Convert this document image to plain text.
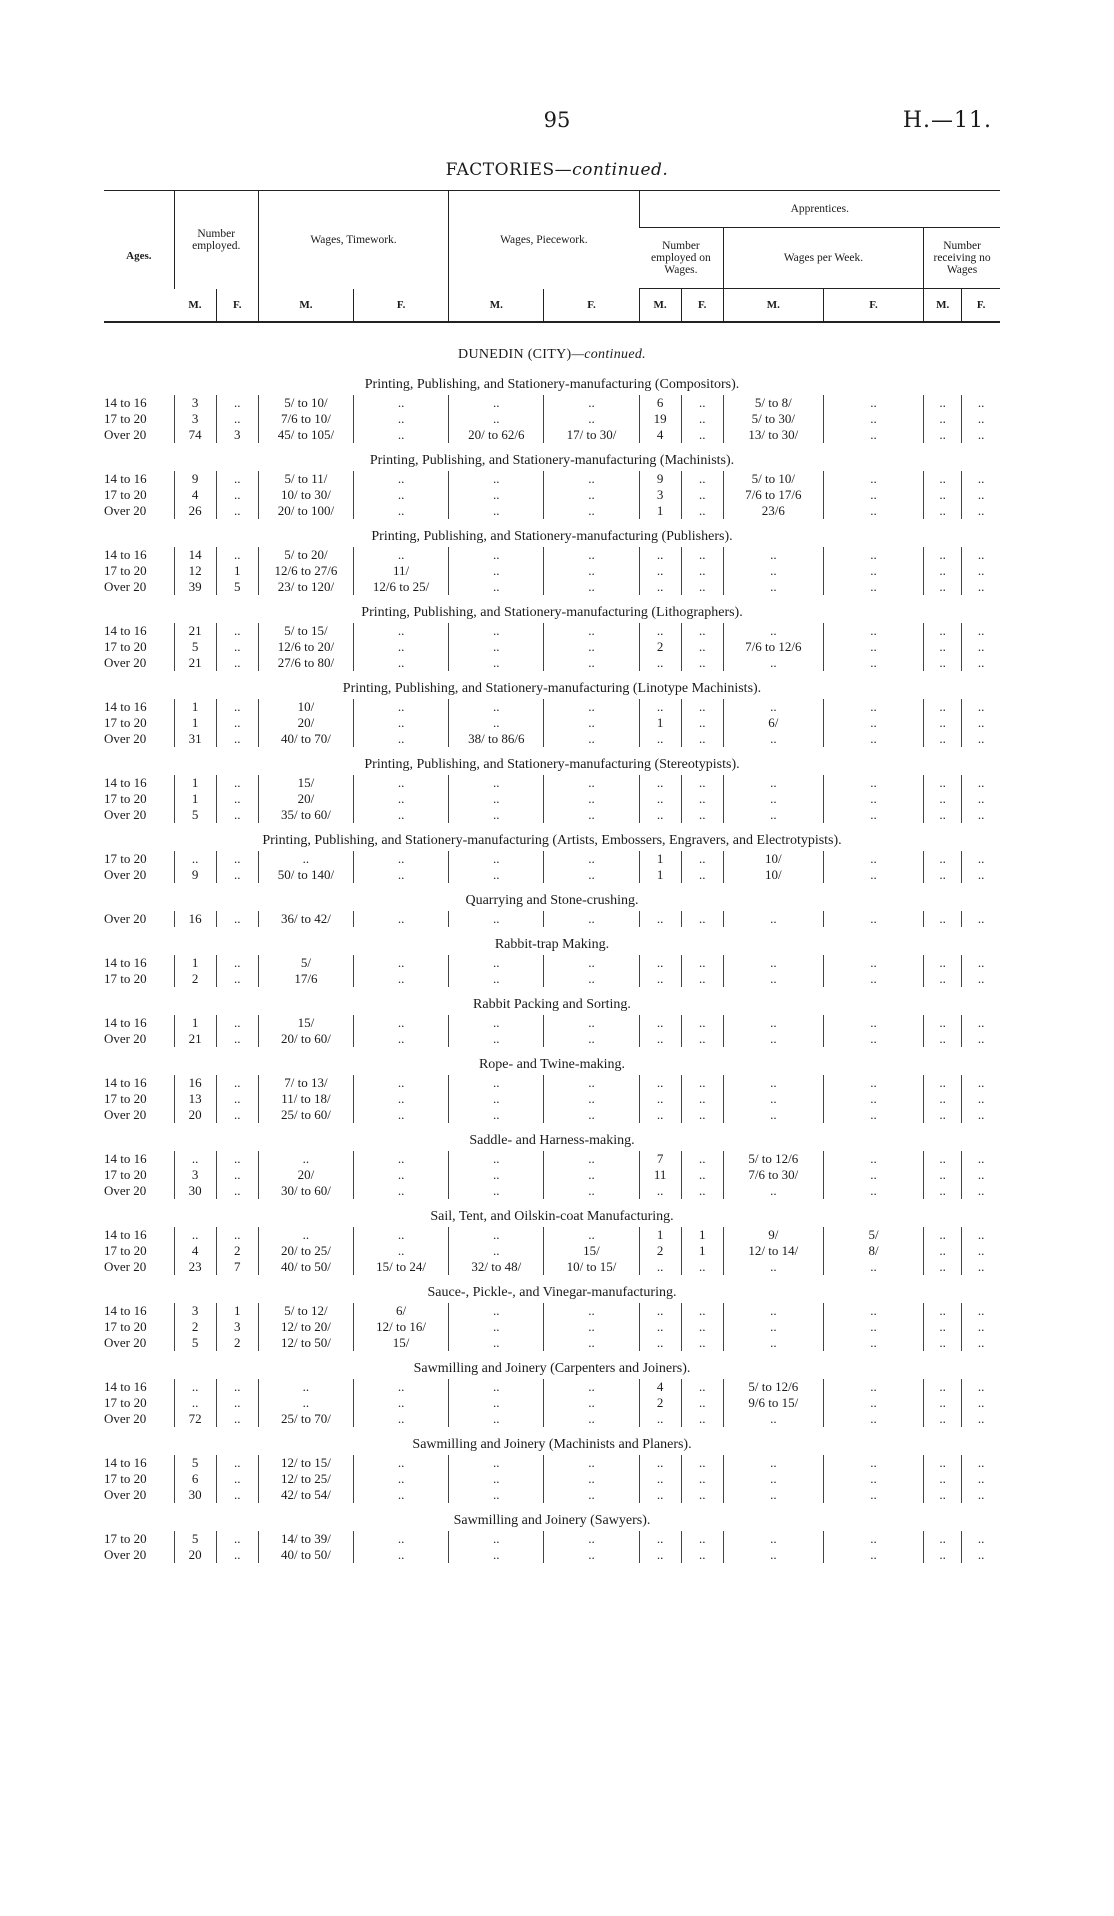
95	H.—11.
FACTORIES—continued.
Ages.	Number employed.		Wages, Timework.		Wages, Piecework.		Apprentices.					
							Number employed on Wages.		Wages per Week.		Number receiving no Wages	
	M.	F.	M.	F.	M.	F.	M.	F.	M.	F.	M.	F.
DUNEDIN (CITY)—continued.												
Printing, Publishing, and Stationery-manufacturing (Compositors).												
14 to 16	3	..	5/ to 10/	..	..	..	6	..	5/ to 8/	..	..	..
17 to 20	3	..	7/6 to 10/	..	..	..	19	..	5/ to 30/	..	..	..
Over 20	74	3	45/ to 105/	..	20/ to 62/6	17/ to 30/	4	..	13/ to 30/	..	..	..
Printing, Publishing, and Stationery-manufacturing (Machinists).												
14 to 16	9	..	5/ to 11/	..	..	..	9	..	5/ to 10/	..	..	..
17 to 20	4	..	10/ to 30/	..	..	..	3	..	7/6 to 17/6	..	..	..
Over 20	26	..	20/ to 100/	..	..	..	1	..	23/6	..	..	..
Printing, Publishing, and Stationery-manufacturing (Publishers).												
14 to 16	14	..	5/ to 20/	..	..	..	..	..	..	..	..	..
17 to 20	12	1	12/6 to 27/6	11/	..	..	..	..	..	..	..	..
Over 20	39	5	23/ to 120/	12/6 to 25/	..	..	..	..	..	..	..	..
Printing, Publishing, and Stationery-manufacturing (Lithographers).												
14 to 16	21	..	5/ to 15/	..	..	..	..	..	..	..	..	..
17 to 20	5	..	12/6 to 20/	..	..	..	2	..	7/6 to 12/6	..	..	..
Over 20	21	..	27/6 to 80/	..	..	..	..	..	..	..	..	..
Printing, Publishing, and Stationery-manufacturing (Linotype Machinists).												
14 to 16	1	..	10/	..	..	..	..	..	..	..	..	..
17 to 20	1	..	20/	..	..	..	1	..	6/	..	..	..
Over 20	31	..	40/ to 70/	..	38/ to 86/6	..	..	..	..	..	..	..
Printing, Publishing, and Stationery-manufacturing (Stereotypists).												
14 to 16	1	..	15/	..	..	..	..	..	..	..	..	..
17 to 20	1	..	20/	..	..	..	..	..	..	..	..	..
Over 20	5	..	35/ to 60/	..	..	..	..	..	..	..	..	..
Printing, Publishing, and Stationery-manufacturing (Artists, Embossers, Engravers, and Electrotypists).												
17 to 20	..	..	..	..	..	..	1	..	10/	..	..	..
Over 20	9	..	50/ to 140/	..	..	..	1	..	10/	..	..	..
Quarrying and Stone-crushing.												
Over 20	16	..	36/ to 42/	..	..	..	..	..	..	..	..	..
Rabbit-trap Making.												
14 to 16	1	..	5/	..	..	..	..	..	..	..	..	..
17 to 20	2	..	17/6	..	..	..	..	..	..	..	..	..
Rabbit Packing and Sorting.												
14 to 16	1	..	15/	..	..	..	..	..	..	..	..	..
Over 20	21	..	20/ to 60/	..	..	..	..	..	..	..	..	..
Rope- and Twine-making.												
14 to 16	16	..	7/ to 13/	..	..	..	..	..	..	..	..	..
17 to 20	13	..	11/ to 18/	..	..	..	..	..	..	..	..	..
Over 20	20	..	25/ to 60/	..	..	..	..	..	..	..	..	..
Saddle- and Harness-making.												
14 to 16	..	..	..	..	..	..	7	..	5/ to 12/6	..	..	..
17 to 20	3	..	20/	..	..	..	11	..	7/6 to 30/	..	..	..
Over 20	30	..	30/ to 60/	..	..	..	..	..	..	..	..	..
Sail, Tent, and Oilskin-coat Manufacturing.												
14 to 16	..	..	..	..	..	..	1	1	9/	5/	..	..
17 to 20	4	2	20/ to 25/	..	..	15/	2	1	12/ to 14/	8/	..	..
Over 20	23	7	40/ to 50/	15/ to 24/	32/ to 48/	10/ to 15/	..	..	..	..	..	..
Sauce-, Pickle-, and Vinegar-manufacturing.												
14 to 16	3	1	5/ to 12/	6/	..	..	..	..	..	..	..	..
17 to 20	2	3	12/ to 20/	12/ to 16/	..	..	..	..	..	..	..	..
Over 20	5	2	12/ to 50/	15/	..	..	..	..	..	..	..	..
Sawmilling and Joinery (Carpenters and Joiners).												
14 to 16	..	..	..	..	..	..	4	..	5/ to 12/6	..	..	..
17 to 20	..	..	..	..	..	..	2	..	9/6 to 15/	..	..	..
Over 20	72	..	25/ to 70/	..	..	..	..	..	..	..	..	..
Sawmilling and Joinery (Machinists and Planers).												
14 to 16	5	..	12/ to 15/	..	..	..	..	..	..	..	..	..
17 to 20	6	..	12/ to 25/	..	..	..	..	..	..	..	..	..
Over 20	30	..	42/ to 54/	..	..	..	..	..	..	..	..	..
Sawmilling and Joinery (Sawyers).												
17 to 20	5	..	14/ to 39/	..	..	..	..	..	..	..	..	..
Over 20	20	..	40/ to 50/	..	..	..	..	..	..	..	..	..
